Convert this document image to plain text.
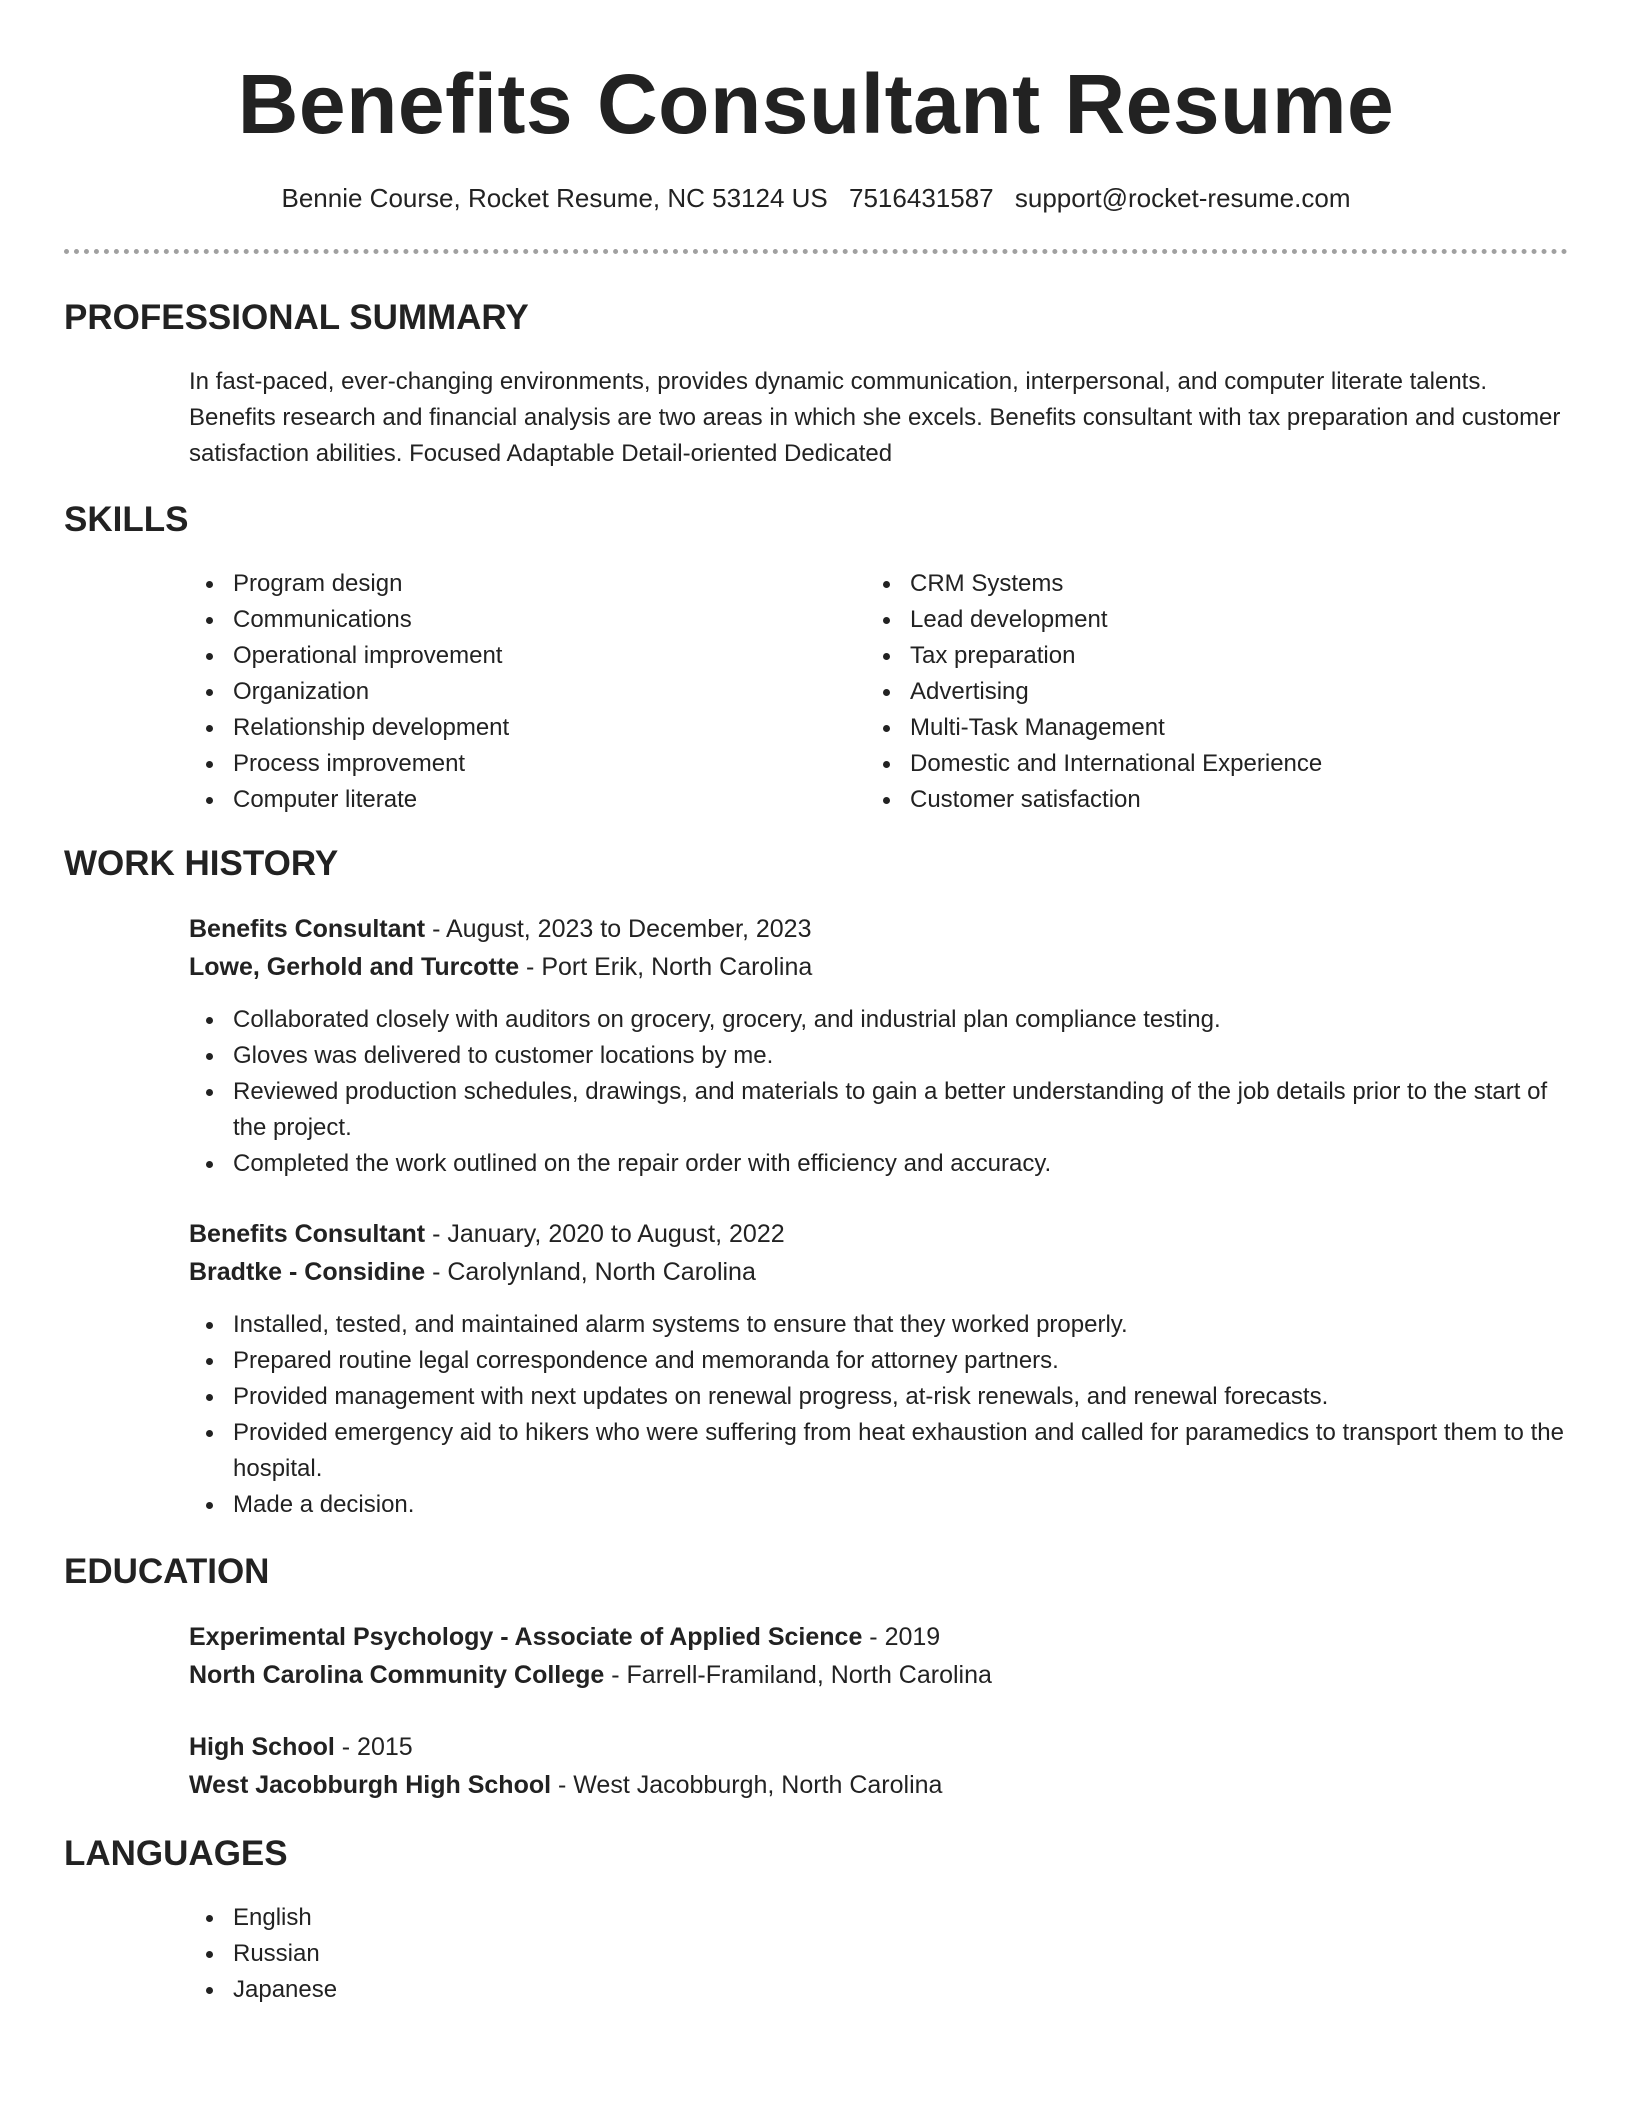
Benefits Consultant Resume
Bennie Course, Rocket Resume, NC 53124 US 7516431587 support@rocket-resume.com
PROFESSIONAL SUMMARY
In fast-paced, ever-changing environments, provides dynamic communication, interpersonal, and computer literate talents. Benefits research and financial analysis are two areas in which she excels. Benefits consultant with tax preparation and customer satisfaction abilities. Focused Adaptable Detail-oriented Dedicated
SKILLS
Program design
Communications
Operational improvement
Organization
Relationship development
Process improvement
Computer literate
CRM Systems
Lead development
Tax preparation
Advertising
Multi-Task Management
Domestic and International Experience
Customer satisfaction
WORK HISTORY
Benefits Consultant - August, 2023 to December, 2023
Lowe, Gerhold and Turcotte - Port Erik, North Carolina
Collaborated closely with auditors on grocery, grocery, and industrial plan compliance testing.
Gloves was delivered to customer locations by me.
Reviewed production schedules, drawings, and materials to gain a better understanding of the job details prior to the start of the project.
Completed the work outlined on the repair order with efficiency and accuracy.
Benefits Consultant - January, 2020 to August, 2022
Bradtke - Considine - Carolynland, North Carolina
Installed, tested, and maintained alarm systems to ensure that they worked properly.
Prepared routine legal correspondence and memoranda for attorney partners.
Provided management with next updates on renewal progress, at-risk renewals, and renewal forecasts.
Provided emergency aid to hikers who were suffering from heat exhaustion and called for paramedics to transport them to the hospital.
Made a decision.
EDUCATION
Experimental Psychology - Associate of Applied Science - 2019
North Carolina Community College - Farrell-Framiland, North Carolina
High School - 2015
West Jacobburgh High School - West Jacobburgh, North Carolina
LANGUAGES
English
Russian
Japanese
